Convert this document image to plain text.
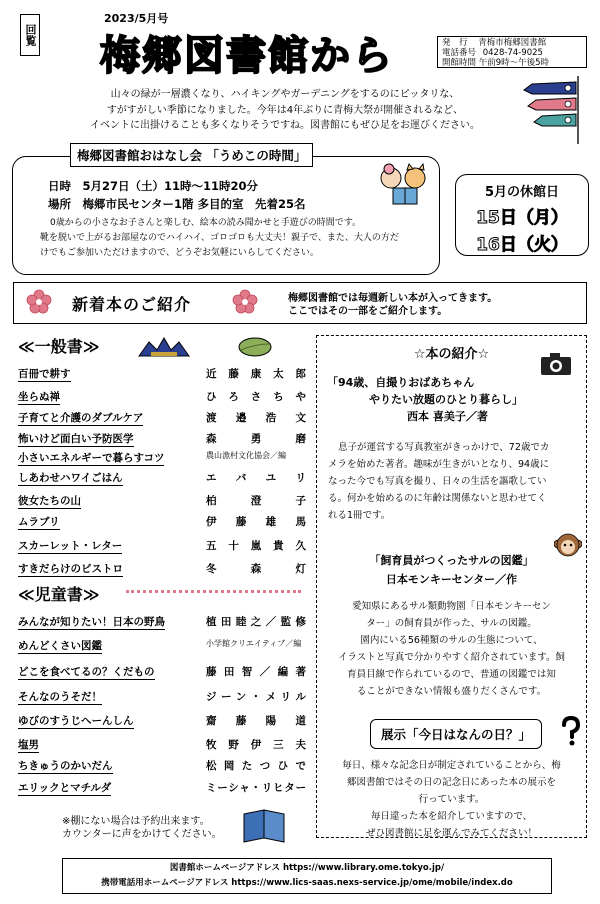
回覧
2023/5月号
梅郷図書館から	発　行 青梅市梅郷図書館
電話番号 0428-74-9025
開館時間 午前9時～午後5時
山々の緑が一層濃くなり、ハイキングやガーデニングをするのにピッタリな、
すがすがしい季節になりました。今年は4年ぶりに青梅大祭が開催されるなど、
イベントに出掛けることも多くなりそうですね。図書館にもぜひ足をお運びください。
梅郷図書館おはなし会 「うめこの時間」
日時　5月27日（土）11時～11時20分
場所　梅郷市民センター1階 多目的室　先着25名
0歳からの小さなお子さんと楽しむ、絵本の読み聞かせと手遊びの時間です。
靴を脱いで上がるお部屋なのでハイハイ、ゴロゴロも大丈夫！親子で、また、大人の方だ
けでもご参加いただけますので、どうぞお気軽にいらしてください。
5月の休館日
15日（月）
16日（火）
新着本のご紹介	梅郷図書館では毎週新しい本が入ってきます。
ここではその一部をご紹介します。
≪一般書≫
百冊で耕す	近藤康太郎
坐らぬ禅	ひろさちや
子育てと介護のダブルケア	渡邉浩文
怖いけど面白い予防医学	森勇磨
小さいエネルギーで暮らすコツ	農山漁村文化協会／編
しあわせハワイごはん	エバユリ
彼女たちの山	柏澄子
ムラブリ	伊藤雄馬
スカーレット・レター	五十嵐貴久
すきだらけのビストロ	冬森灯
≪児童書≫
みんなが知りたい！日本の野鳥	植田睦之／監修
めんどくさい図鑑	小学館クリエイティブ／編
どこを食べてるの？くだもの	藤田智／編著
そんなのうそだ！	ジーン・メリル
ゆびのすうじへーんしん	齋藤陽道
塩男	牧野伊三夫
ちきゅうのかいだん	松岡たつひで
エリックとマチルダ	ミーシャ・リヒター
※棚にない場合は予約出来ます。
カウンターに声をかけてください。
☆本の紹介☆
「94歳、自撮りおばあちゃん
やりたい放題のひとり暮らし」
西本 喜美子／著
息子が運営する写真教室がきっかけで、72歳でカ
メラを始めた著者。趣味が生きがいとなり、94歳に
なった今でも写真を撮り、日々の生活を謳歌してい
る。何かを始めるのに年齢は関係ないと思わせてく
れる1冊です。
「飼育員がつくったサルの図鑑」
日本モンキーセンター／作
愛知県にあるサル類動物園「日本モンキーセン
ター」の飼育員が作った、サルの図鑑。
園内にいる56種類のサルの生態について、
イラストと写真で分かりやすく紹介されています。飼
育員目線で作られているので、普通の図鑑では知
ることができない情報も盛りだくさんです。
展示「今日はなんの日？」
毎日、様々な記念日が制定されていることから、梅
郷図書館ではその日の記念日にあった本の展示を
行っています。
毎日違った本を紹介していますので、
ぜひ図書館に足を運んでみてください！
図書館ホームページアドレス https://www.library.ome.tokyo.jp/
携帯電話用ホームページアドレス https://www.lics-saas.nexs-service.jp/ome/mobile/index.do
